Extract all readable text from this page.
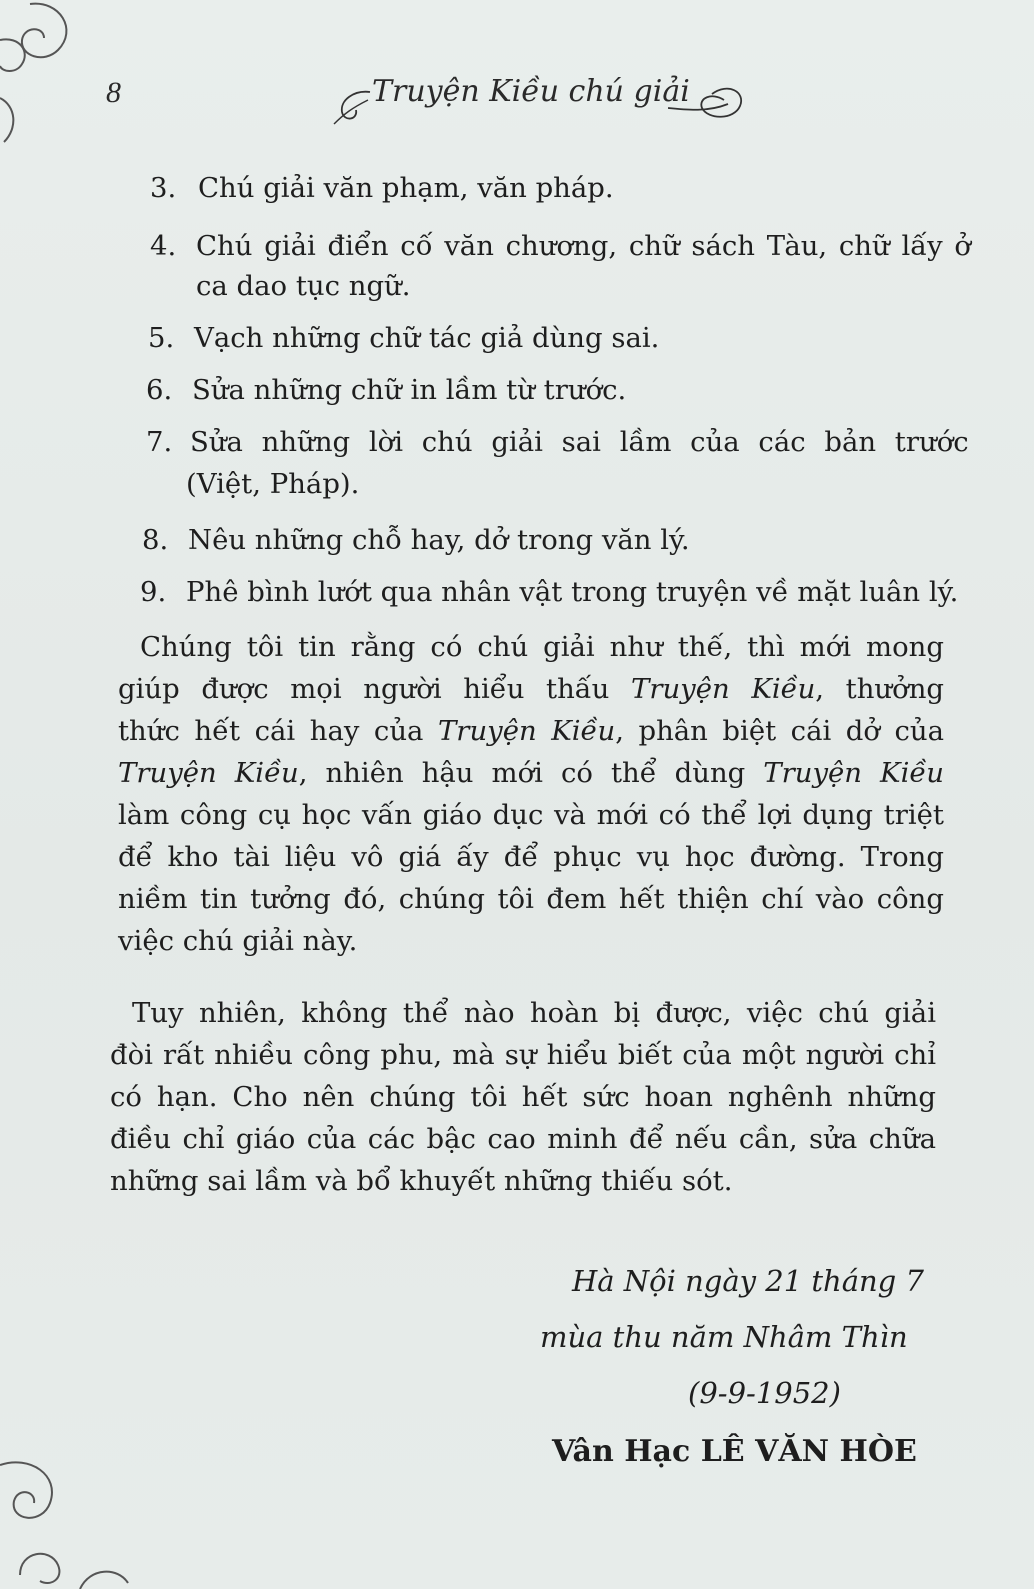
8	Truyện Kiều chú giải
3. Chú giải văn phạm, văn pháp.
4. Chú giải điển cố văn chương, chữ sách Tàu, chữ lấy ở
ca dao tục ngữ.
5. Vạch những chữ tác giả dùng sai.
6. Sửa những chữ in lầm từ trước.
7. Sửa những lời chú giải sai lầm của các bản trước
(Việt, Pháp).
8. Nêu những chỗ hay, dở trong văn lý.
9. Phê bình lướt qua nhân vật trong truyện về mặt luân lý.
Chúng tôi tin rằng có chú giải như thế, thì mới mong
giúp được mọi người hiểu thấu Truyện Kiều, thưởng
thức hết cái hay của Truyện Kiều, phân biệt cái dở của
Truyện Kiều, nhiên hậu mới có thể dùng Truyện Kiều
làm công cụ học vấn giáo dục và mới có thể lợi dụng triệt
để kho tài liệu vô giá ấy để phục vụ học đường. Trong
niềm tin tưởng đó, chúng tôi đem hết thiện chí vào công
việc chú giải này.
Tuy nhiên, không thể nào hoàn bị được, việc chú giải
đòi rất nhiều công phu, mà sự hiểu biết của một người chỉ
có hạn. Cho nên chúng tôi hết sức hoan nghênh những
điều chỉ giáo của các bậc cao minh để nếu cần, sửa chữa
những sai lầm và bổ khuyết những thiếu sót.
Hà Nội ngày 21 tháng 7
mùa thu năm Nhâm Thìn
(9-9-1952)
Vân Hạc LÊ VĂN HÒE
